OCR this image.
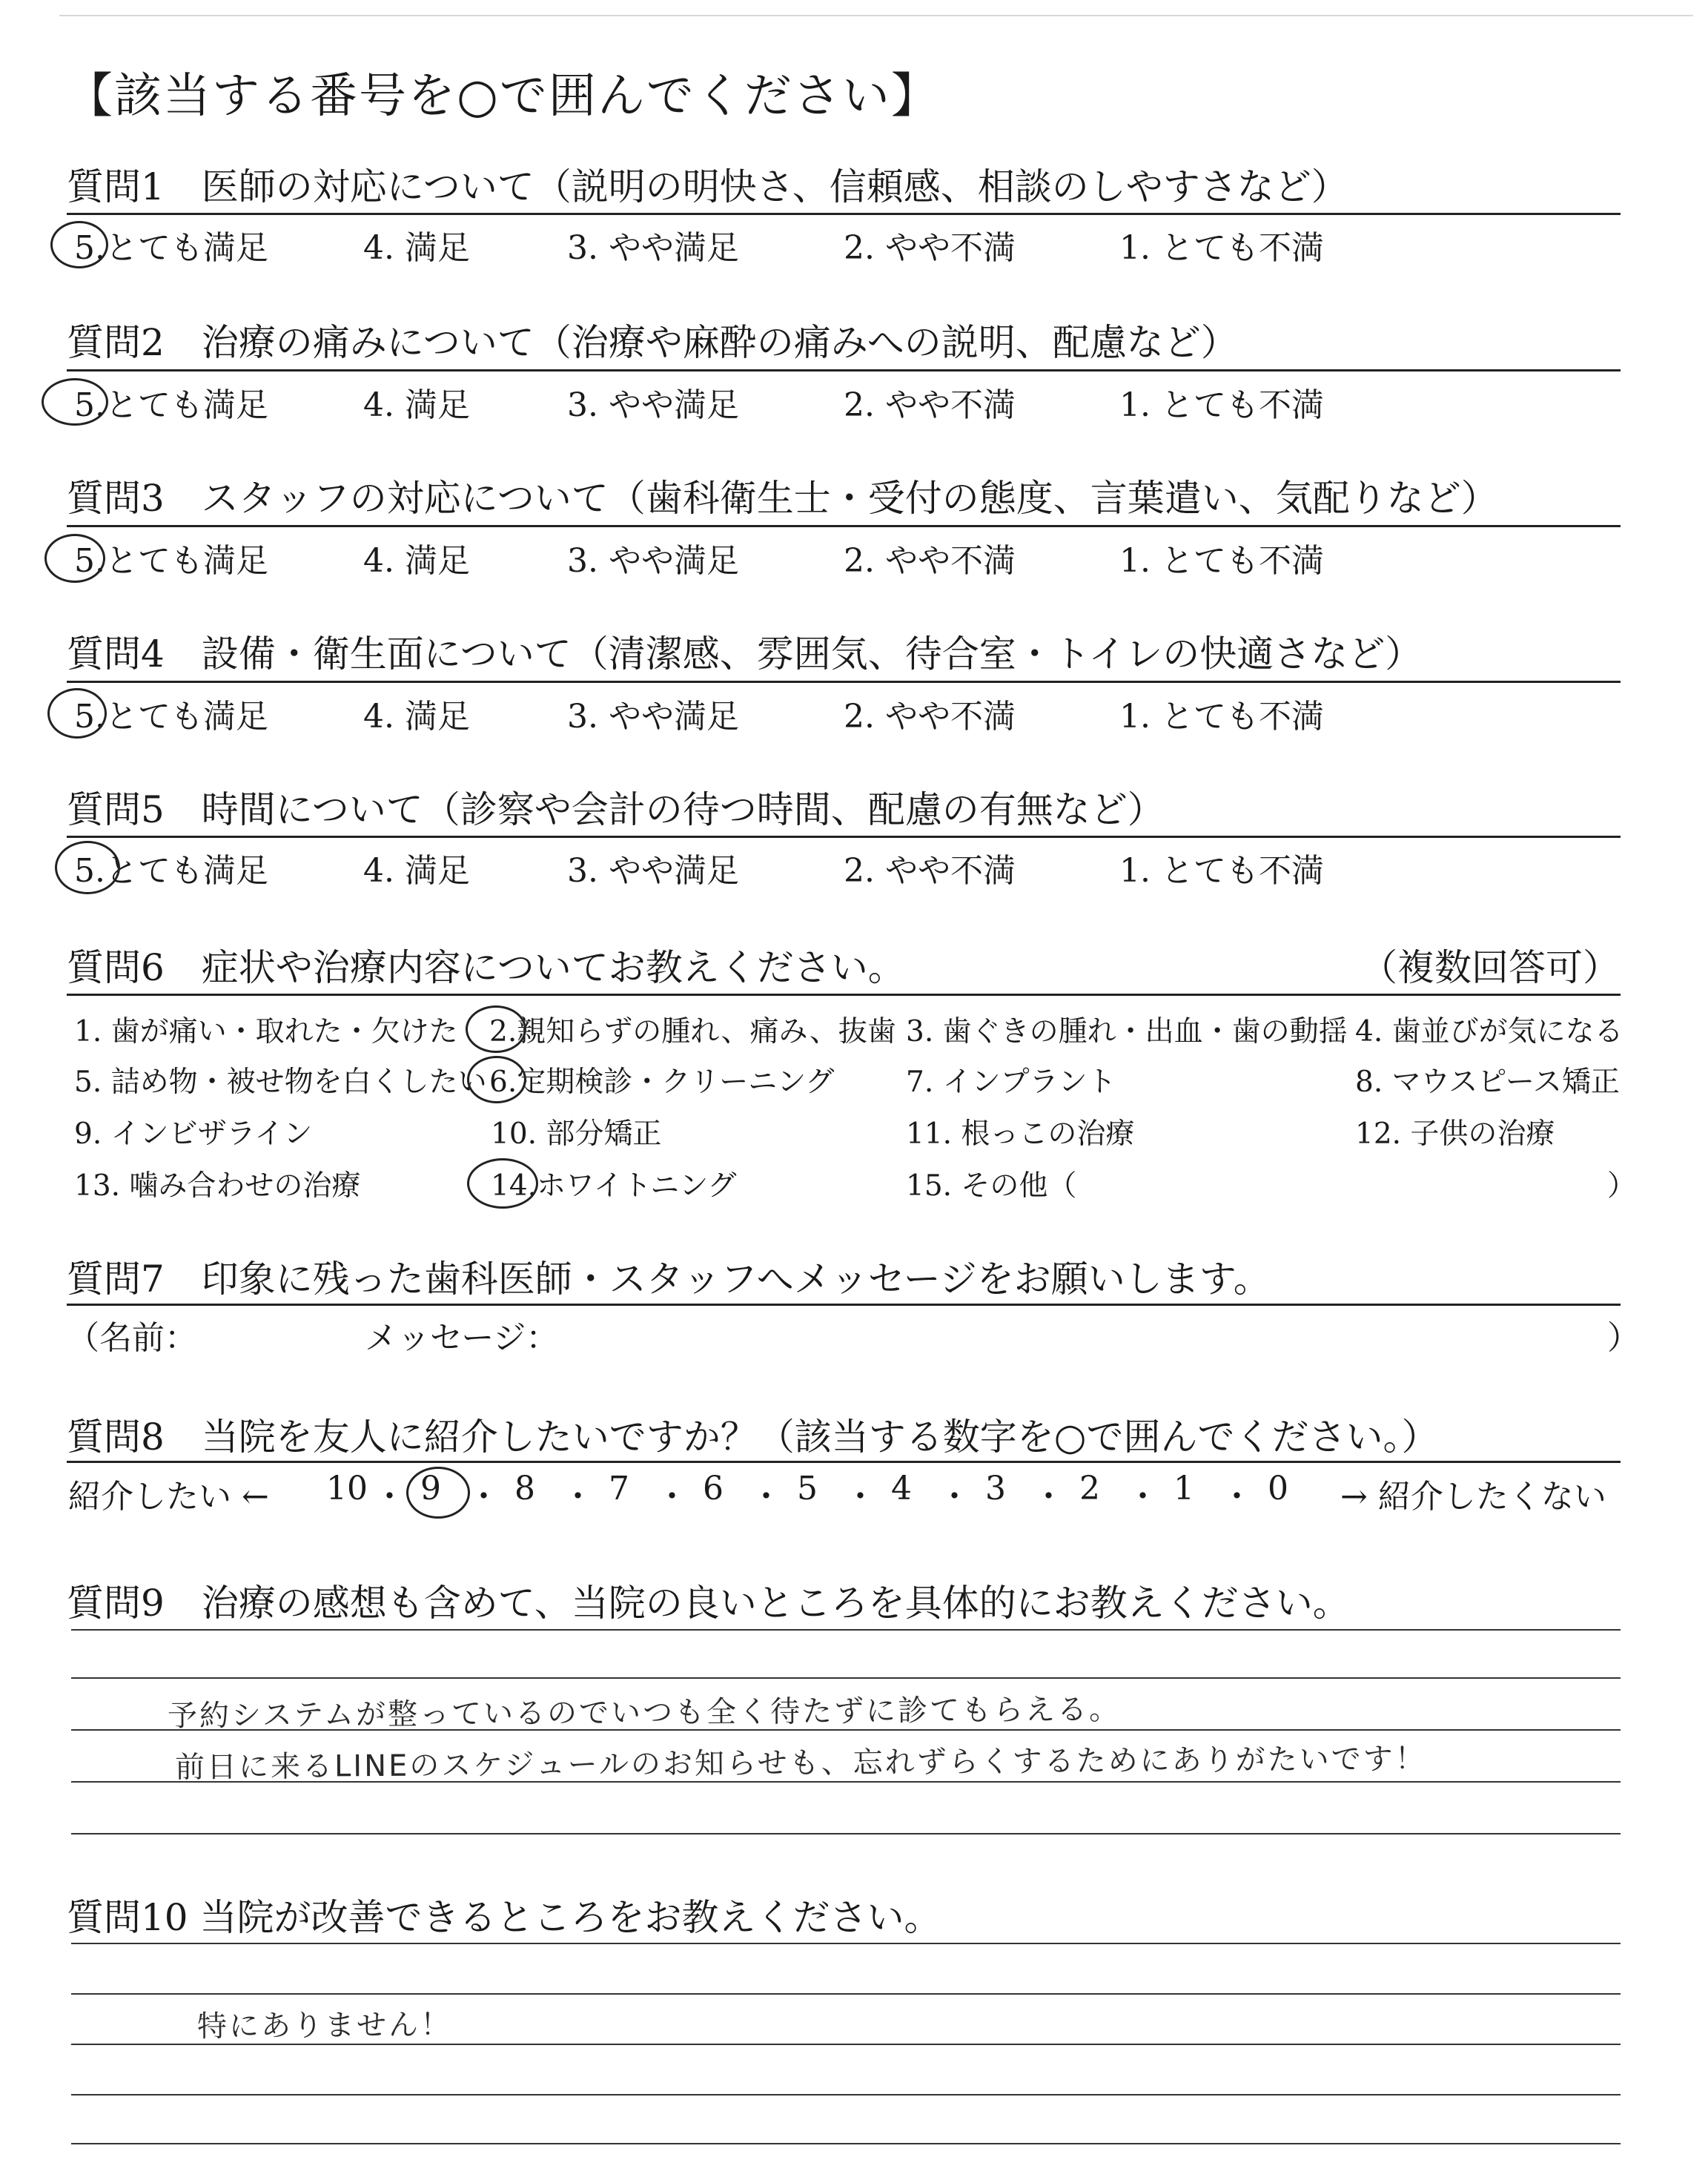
【該当する番号を○で囲んでください】
質問1　医師の対応について（説明の明快さ、信頼感、相談のしやすさなど）
5.とても満足	4. 満足	3. やや満足	2. やや不満	1. とても不満
質問2　治療の痛みについて（治療や麻酔の痛みへの説明、配慮など）
5.とても満足	4. 満足	3. やや満足	2. やや不満	1. とても不満
質問3　スタッフの対応について（歯科衛生士・受付の態度、言葉遣い、気配りなど）
5.とても満足	4. 満足	3. やや満足	2. やや不満	1. とても不満
質問4　設備・衛生面について（清潔感、雰囲気、待合室・トイレの快適さなど）
5.とても満足	4. 満足	3. やや満足	2. やや不満	1. とても不満
質問5　時間について（診察や会計の待つ時間、配慮の有無など）
5.とても満足	4. 満足	3. やや満足	2. やや不満	1. とても不満
質問6　症状や治療内容についてお教えください。	（複数回答可）
1. 歯が痛い・取れた・欠けた 2.親知らずの腫れ、痛み、抜歯 3. 歯ぐきの腫れ・出血・歯の動揺 4. 歯並びが気になる
5. 詰め物・被せ物を白くしたい 6.定期検診・クリーニング 7. インプラント	8. マウスピース矯正
9. インビザライン	10. 部分矯正	11. 根っこの治療	12. 子供の治療
13. 噛み合わせの治療	14.ホワイトニング	15. その他（	）
質問7　印象に残った歯科医師・スタッフへメッセージをお願いします。
（名前：	メッセージ：	）
質問8　当院を友人に紹介したいですか？（該当する数字を○で囲んでください。）
紹介したい ←	→ 紹介したくない
10 ・ 9 ・ 8 ・ 7 ・ 6 ・ 5 ・ 4 ・ 3 ・ 2 ・ 1 ・ 0
質問9　治療の感想も含めて、当院の良いところを具体的にお教えください。
予約システムが整っているのでいつも全く待たずに診てもらえる。
前日に来るLINEのスケジュールのお知らせも、忘れずらくするためにありがたいです！
質問10 当院が改善できるところをお教えください。
特にありません！
